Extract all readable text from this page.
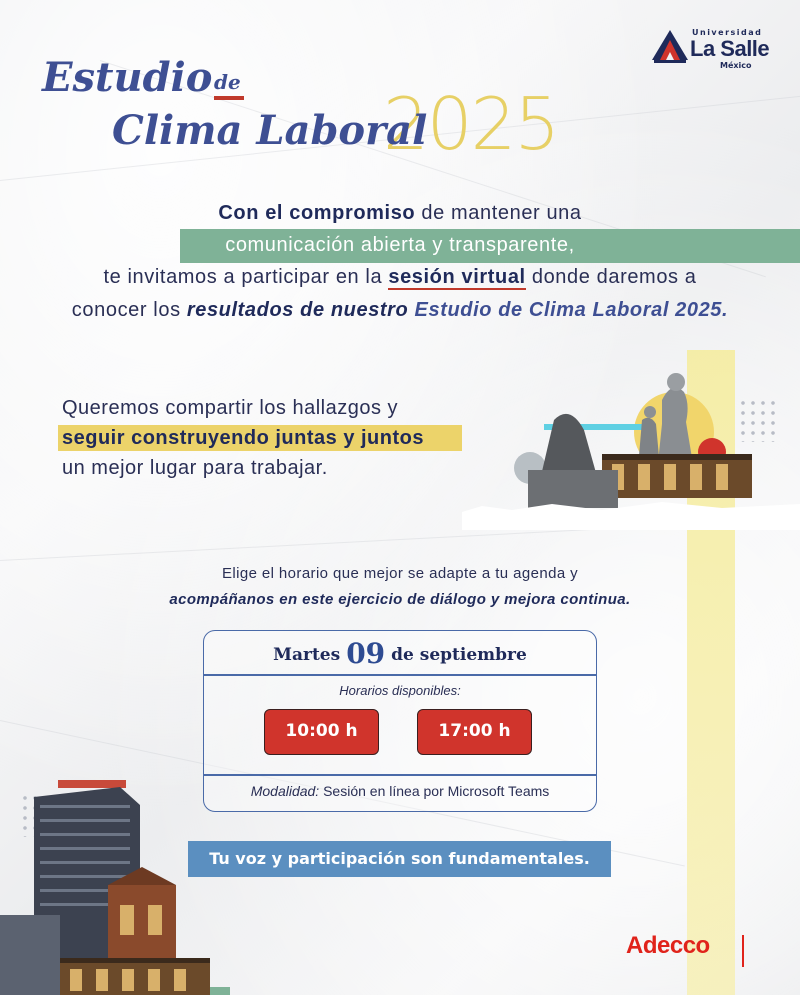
Universidad
La Salle
México
Estudio de 2025
Clima Laboral
Con el compromiso de mantener una
comunicación abierta y transparente,
te invitamos a participar en la sesión virtual donde daremos a
conocer los resultados de nuestro Estudio de Clima Laboral 2025.
Queremos compartir los hallazgos y
seguir construyendo juntas y juntos
un mejor lugar para trabajar.
Elige el horario que mejor se adapte a tu agenda y
acompáñanos en este ejercicio de diálogo y mejora continua.
Martes 09 de septiembre
Horarios disponibles:
10:00 h	17:00 h
Modalidad: Sesión en línea por Microsoft Teams
Tu voz y participación son fundamentales.
Adecco
